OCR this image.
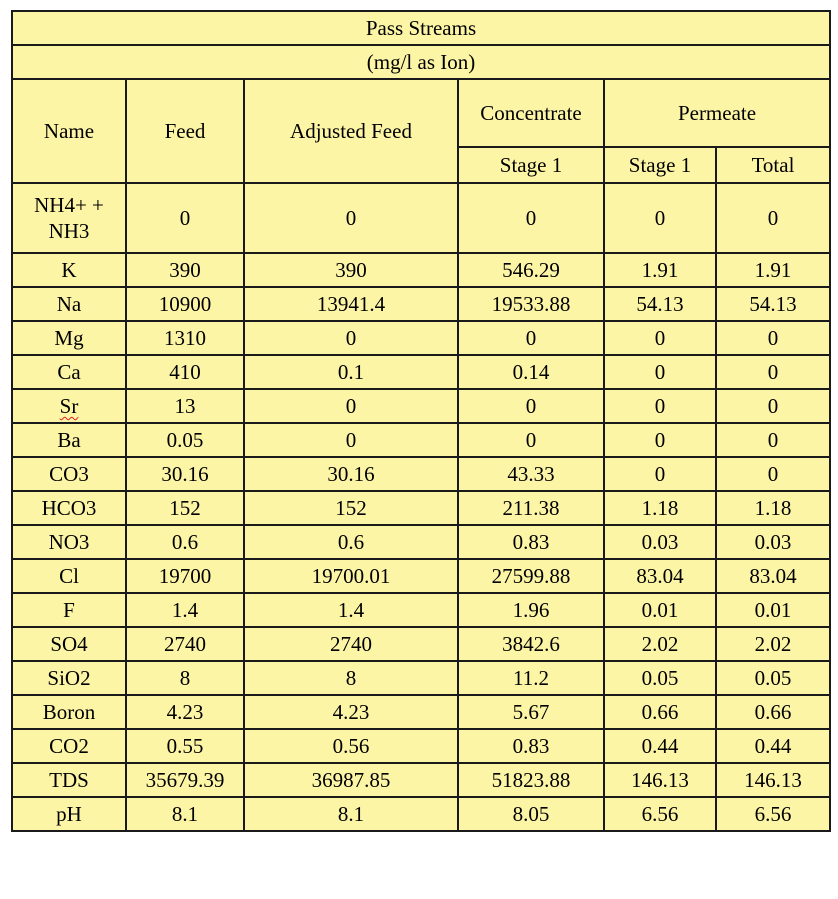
Pass Streams					
(mg/l as Ion)					
Name	Feed	Adjusted Feed	Concentrate	Permeate	
			Stage 1	Stage 1	Total
NH4+ +
NH3	0	0	0	0	0
K	390	390	546.29	1.91	1.91
Na	10900	13941.4	19533.88	54.13	54.13
Mg	1310	0	0	0	0
Ca	410	0.1	0.14	0	0
Sr	13	0	0	0	0
Ba	0.05	0	0	0	0
CO3	30.16	30.16	43.33	0	0
HCO3	152	152	211.38	1.18	1.18
NO3	0.6	0.6	0.83	0.03	0.03
Cl	19700	19700.01	27599.88	83.04	83.04
F	1.4	1.4	1.96	0.01	0.01
SO4	2740	2740	3842.6	2.02	2.02
SiO2	8	8	11.2	0.05	0.05
Boron	4.23	4.23	5.67	0.66	0.66
CO2	0.55	0.56	0.83	0.44	0.44
TDS	35679.39	36987.85	51823.88	146.13	146.13
pH	8.1	8.1	8.05	6.56	6.56
